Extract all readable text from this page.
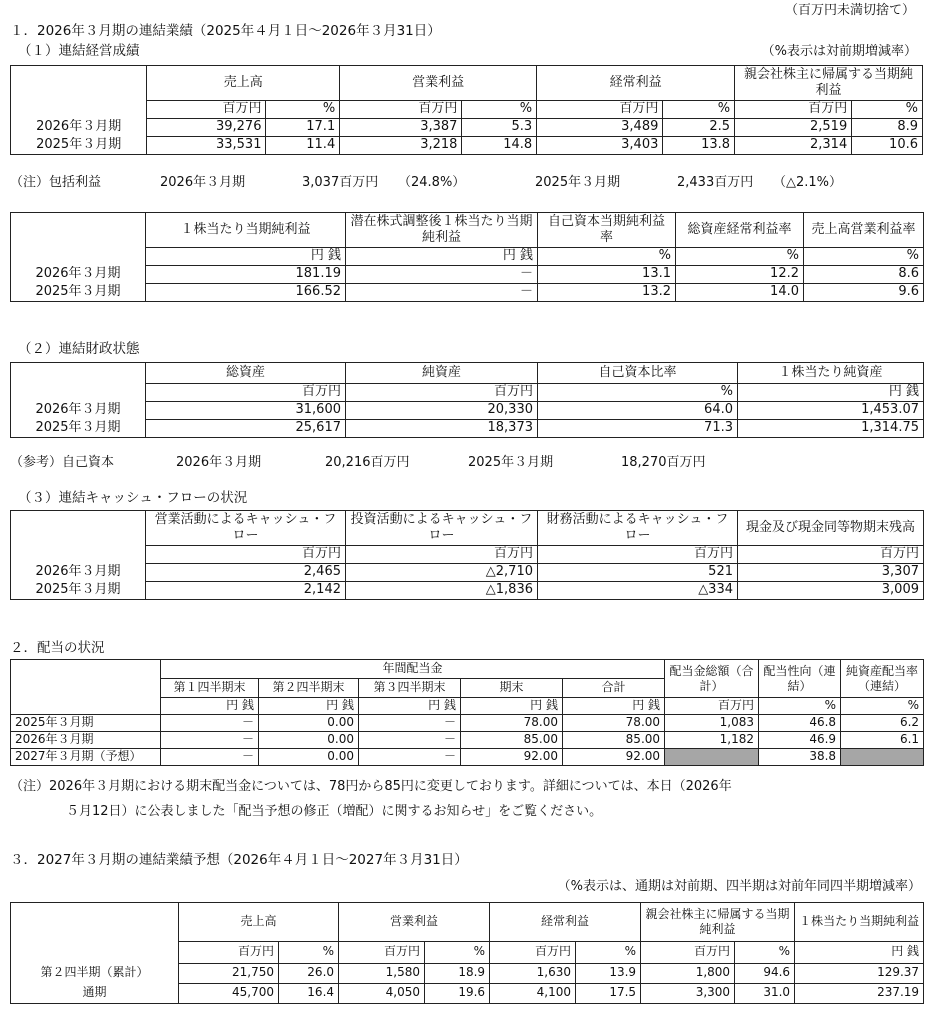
（百万円未満切捨て）
１．2026年３月期の連結業績（2025年４月１日～2026年３月31日）
（１）連結経営成績	（%表示は対前期増減率）
	売上高		営業利益		経常利益		親会社株主に帰属する当期純利益	
	百万円	%	百万円	%	百万円	%	百万円	%
2026年３月期	39,276	17.1	3,387	5.3	3,489	2.5	2,519	8.9
2025年３月期	33,531	11.4	3,218	14.8	3,403	13.8	2,314	10.6
（注）包括利益	2026年３月期	3,037百万円 （24.8%）	2025年３月期	2,433百万円 （△2.1%）
	１株当たり当期純利益	潜在株式調整後１株当たり当期純利益	自己資本当期純利益率	総資産経常利益率	売上高営業利益率
	円 銭	円 銭	%	%	%
2026年３月期	181.19	－	13.1	12.2	8.6
2025年３月期	166.52	－	13.2	14.0	9.6
（２）連結財政状態
	総資産	純資産	自己資本比率	１株当たり純資産
	百万円	百万円	%	円 銭
2026年３月期	31,600	20,330	64.0	1,453.07
2025年３月期	25,617	18,373	71.3	1,314.75
（参考）自己資本	2026年３月期	20,216百万円	2025年３月期	18,270百万円
（３）連結キャッシュ・フローの状況
	営業活動によるキャッシュ・フロー	投資活動によるキャッシュ・フロー	財務活動によるキャッシュ・フロー	現金及び現金同等物期末残高
	百万円	百万円	百万円	百万円
2026年３月期	2,465	△2,710	521	3,307
2025年３月期	2,142	△1,836	△334	3,009
２．配当の状況
	年間配当金					配当金総額（合計）	配当性向（連結）	純資産配当率（連結）
	第１四半期末	第２四半期末	第３四半期末	期末	合計			
	円 銭	円 銭	円 銭	円 銭	円 銭	百万円	%	%
2025年３月期	－	0.00	－	78.00	78.00	1,083	46.8	6.2
2026年３月期	－	0.00	－	85.00	85.00	1,182	46.9	6.1
2027年３月期（予想）	－	0.00	－	92.00	92.00		38.8	
（注）2026年３月期における期末配当金については、78円から85円に変更しております。詳細については、本日（2026年
５月12日）に公表しました「配当予想の修正（増配）に関するお知らせ」をご覧ください。
３．2027年３月期の連結業績予想（2026年４月１日～2027年３月31日）
（%表示は、通期は対前期、四半期は対前年同四半期増減率）
	売上高		営業利益		経常利益		親会社株主に帰属する当期純利益		１株当たり当期純利益
	百万円	%	百万円	%	百万円	%	百万円	%	円 銭
第２四半期（累計）	21,750	26.0	1,580	18.9	1,630	13.9	1,800	94.6	129.37
通期	45,700	16.4	4,050	19.6	4,100	17.5	3,300	31.0	237.19
